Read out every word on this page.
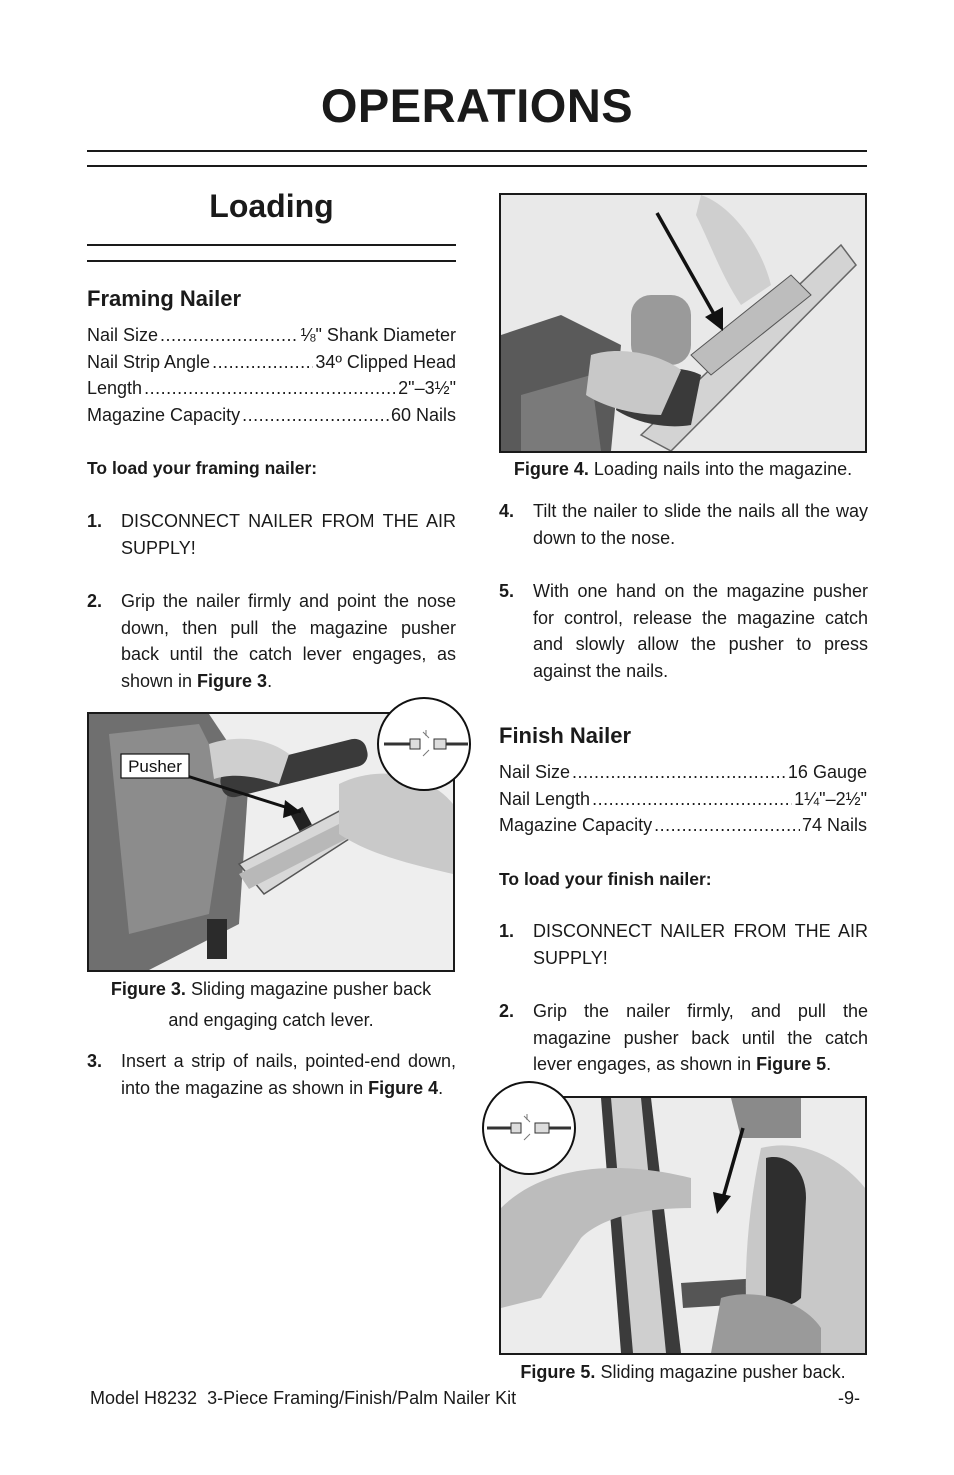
OPERATIONS
Loading
Framing Nailer
Nail Size .....	⅛" Shank Diameter
Nail Strip Angle .....	34º Clipped Head
Length .....	2"–3½"
Magazine Capacity .....	60 Nails
To load your framing nailer:
1.	DISCONNECT NAILER FROM THE AIR SUPPLY!
2.	Grip the nailer firmly and point the nose down, then pull the magazine pusher back until the catch lever engages, as shown in Figure 3.
Pusher
Figure 3. Sliding magazine pusher back
and engaging catch lever.
3.	Insert a strip of nails, pointed-end down, into the magazine as shown in Figure 4.
Figure 4. Loading nails into the magazine.
4.	Tilt the nailer to slide the nails all the way down to the nose.
5.	With one hand on the magazine pusher for control, release the magazine catch and slowly allow the pusher to press against the nails.
Finish Nailer
Nail Size .....	16 Gauge
Nail Length .....	1¼"–2½"
Magazine Capacity .....	74 Nails
To load your finish nailer:
1.	DISCONNECT NAILER FROM THE AIR SUPPLY!
2.	Grip the nailer firmly, and pull the magazine pusher back until the catch lever engages, as shown in Figure 5.
Figure 5. Sliding magazine pusher back.
Model H8232  3-Piece Framing/Finish/Palm Nailer Kit	-9-
